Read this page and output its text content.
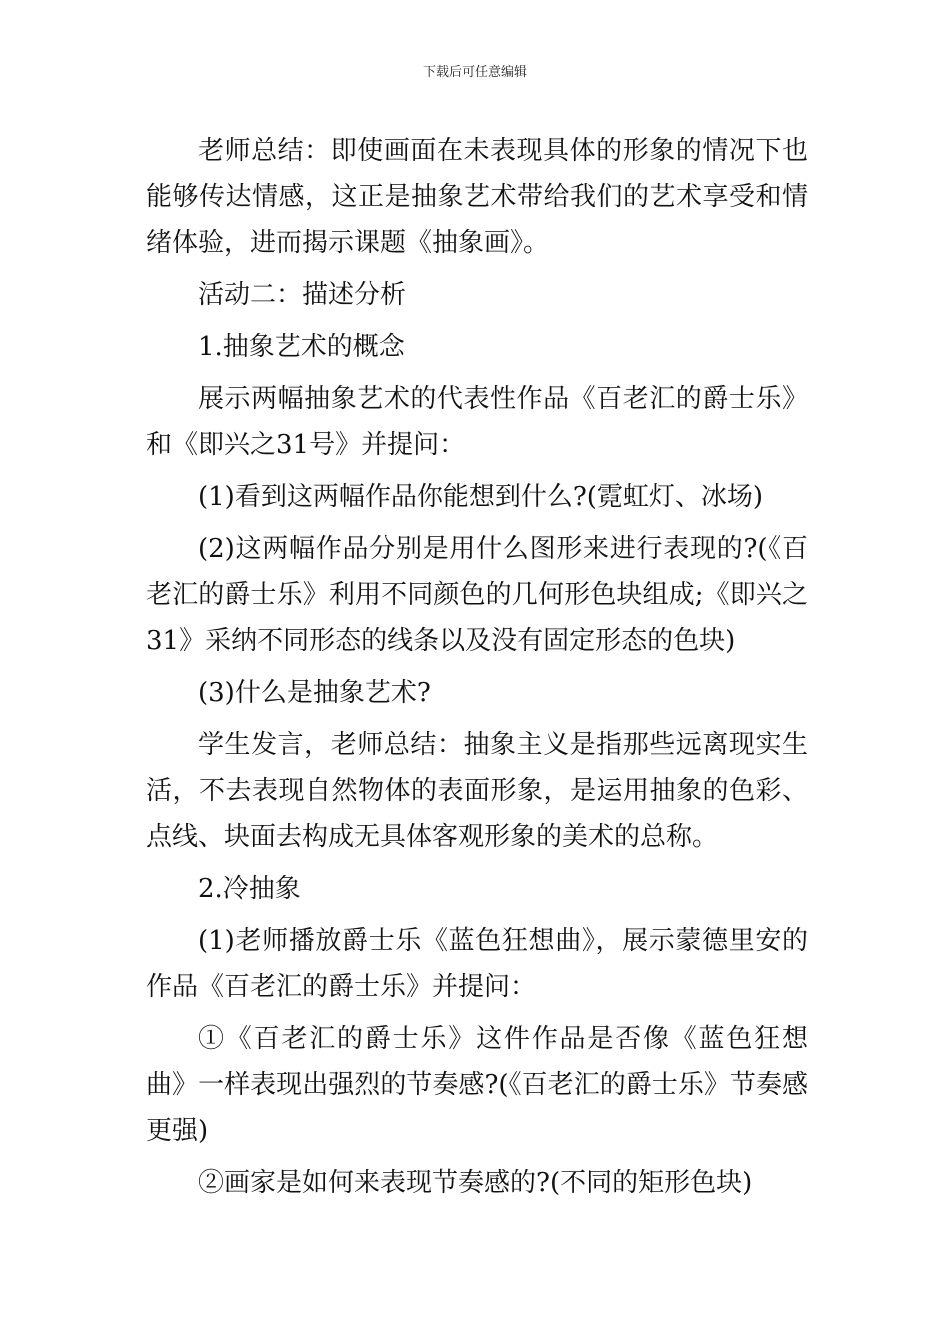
下载后可任意编辑

老师总结：即使画面在未表现具体的形象的情况下也能够传达情感，这正是抽象艺术带给我们的艺术享受和情绪体验，进而揭示课题《抽象画》。

活动二：描述分析

1.抽象艺术的概念

展示两幅抽象艺术的代表性作品《百老汇的爵士乐》和《即兴之31号》并提问：

(1)看到这两幅作品你能想到什么?(霓虹灯、冰场)

(2)这两幅作品分别是用什么图形来进行表现的?(《百老汇的爵士乐》利用不同颜色的几何形色块组成;《即兴之31》采纳不同形态的线条以及没有固定形态的色块)

(3)什么是抽象艺术?

学生发言，老师总结：抽象主义是指那些远离现实生活，不去表现自然物体的表面形象，是运用抽象的色彩、点线、块面去构成无具体客观形象的美术的总称。

2.冷抽象

(1)老师播放爵士乐《蓝色狂想曲》，展示蒙德里安的作品《百老汇的爵士乐》并提问：

①《百老汇的爵士乐》这件作品是否像《蓝色狂想曲》一样表现出强烈的节奏感?(《百老汇的爵士乐》节奏感更强)

②画家是如何来表现节奏感的?(不同的矩形色块)
